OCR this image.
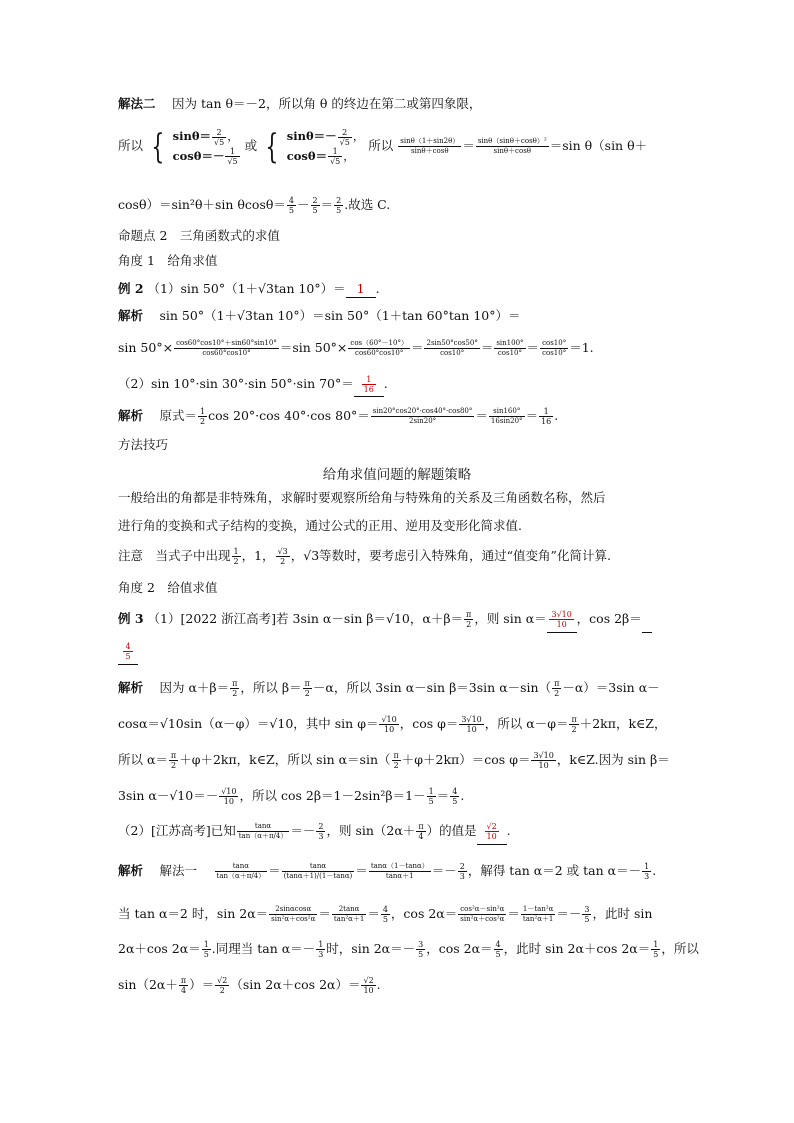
解法二　 因为 tan θ＝－2，所以角 θ 的终边在第二或第四象限，
所以 { $\sin\theta= \frac{2}{√5}$ ，
$\cos\theta=- \frac{1}{√5}$
或 { $\sin\theta=- \frac{2}{√5}$ ，
$\cos\theta= \frac{1}{√5}$ ， 所以 $\frac{\sin\theta(1+\sin 2\theta)}{\sin\theta+\cos\theta} = \frac{\text{sinθ（sinθ＋cosθ）²}}{\sin\theta+\cos\theta} =\sin$ θ（sin θ＋
cosθ）＝sin²θ＋sin $\theta\cos\theta= \frac{4}{5} - \frac{2}{5} = \frac{2}{5}$ .故选 C.
命题点 2　三角函数式的求值
角度 1　给角求值
例 2 （1）sin 50°（1＋√3tan 10°）＝ 1 .
解析　 sin 50°（1＋√3tan 10°）＝sin 50°（1＋tan 60°tan 10°）＝
$\sin 50^\circ\times \frac{\cos 60^\circ\cos 10^\circ+\sin 60^\circ\sin 10^\circ}{\cos 60^\circ\cos 10^\circ} =\sin$ $50^\circ\times \frac{\cos(60^\circ-10^\circ)}{\cos 60^\circ\cos 10^\circ} = \frac{2\sin 50^\circ\cos 50^\circ}{\cos 10^\circ} = \frac{\sin 100^\circ}{\cos 10^\circ} = \frac{\cos 10^\circ}{\cos 10^\circ} =1$.
（2）sin 10°·sin 30°·sin 50°·sin $70^\circ= \frac{1}{16}$ .
解析　 原式＝ $\frac{1}{2}$ cos 20°·cos 40°·cos $80^\circ= \frac{\sin 20^\circ\cos 20^\circ\cdot\cos 40^\circ\cdot\cos 80^\circ}{2\sin 20^\circ} = \frac{\sin 160^\circ}{16\sin 20^\circ} = \frac{1}{16}$ .
方法技巧
给角求值问题的解题策略
一般给出的角都是非特殊角，求解时要观察所给角与特殊角的关系及三角函数名称，然后
进行角的变换和式子结构的变换，通过公式的正用、逆用及变形化简求值.
注意　当式子中出现 $\frac{1}{2}$ ，1， $\frac{√3}{2}$ ，√3等数时，要考虑引入特殊角，通过“值变角”化简计算.
角度 2　给值求值
例 3 （1）[2022 浙江高考]若 3sin α－sin β＝√10，$\alpha+\beta= \frac{\pi}{2}$ ，则 $\sin \alpha= \frac{3√10}{10}$ ，cos 2β＝
$\frac{4}{5}$
解析　 因为 $\alpha+\beta= \frac{\pi}{2}$ ，所以 $\beta= \frac{\pi}{2} -\alpha$，所以 3sin α－sin β＝3sin $\alpha-\sin( \frac{\pi}{2} -\alpha)=3\sin$ α－
cosα＝√10sin（α－φ）＝√10，其中 $\sin \varphi= \frac{√10}{10}$ ，$\cos \varphi= \frac{3√10}{10}$ ，所以 $\alpha-\varphi= \frac{\pi}{2} +2k\pi$，k∈Z，
所以 $\alpha= \frac{\pi}{2} +\varphi+2k\pi$，k∈Z，所以 $\sin \alpha=\sin( \frac{\pi}{2} +\varphi+2k\pi)=\cos$ $\varphi= \frac{3√10}{10}$ ，k∈Z.因为 sin β＝
3sin $\alpha-√10=- \frac{√10}{10}$ ，所以 $\cos 2\beta=1-2\sin^2\beta=1- \frac{1}{5} = \frac{4}{5}$ .
（2）[江苏高考]已知 $\frac{\tan\alpha}{\tan(\alpha+\pi/4)} =- \frac{2}{3}$ ，则 $\sin(2\alpha+ \frac{\pi}{4}$ ）的值是 $\frac{√2}{10}$ .
解析　 解法一　 $\frac{\tan\alpha}{\tan(\alpha+\pi/4)} = \frac{\tan\alpha}{(\tan\alpha+1)/(1-\tan\alpha)} = \frac{\tan\alpha(1-\tan\alpha)}{\tan\alpha+1} =- \frac{2}{3}$ ，解得 tan α＝2 或 $\tan \alpha=- \frac{1}{3}$ .
当 tan α＝2 时，$\sin 2\alpha= \frac{2\sin\alpha\cos\alpha}{\text{sin²α＋cos²α}} = \frac{2\tan\alpha}{\text{tan²α＋1}} = \frac{4}{5}$ ，$\cos 2\alpha= \frac{\text{cos²α－sin²α}}{\text{sin²α＋cos²α}} = \frac{\text{1－tan²α}}{\text{tan²α＋1}} =- \frac{3}{5}$ ，此时 sin
2α＋cos $2\alpha= \frac{1}{5}$ .同理当 $\tan \alpha=- \frac{1}{3}$ 时，$\sin 2\alpha=- \frac{3}{5}$ ，$\cos 2\alpha= \frac{4}{5}$ ，此时 sin 2α＋cos $2\alpha= \frac{1}{5}$ ，所以
$\sin(2\alpha+ \frac{\pi}{4}$ ）＝ $\frac{√2}{2} (\sin$ 2α＋cos $2\alpha)= \frac{√2}{10}$ .
